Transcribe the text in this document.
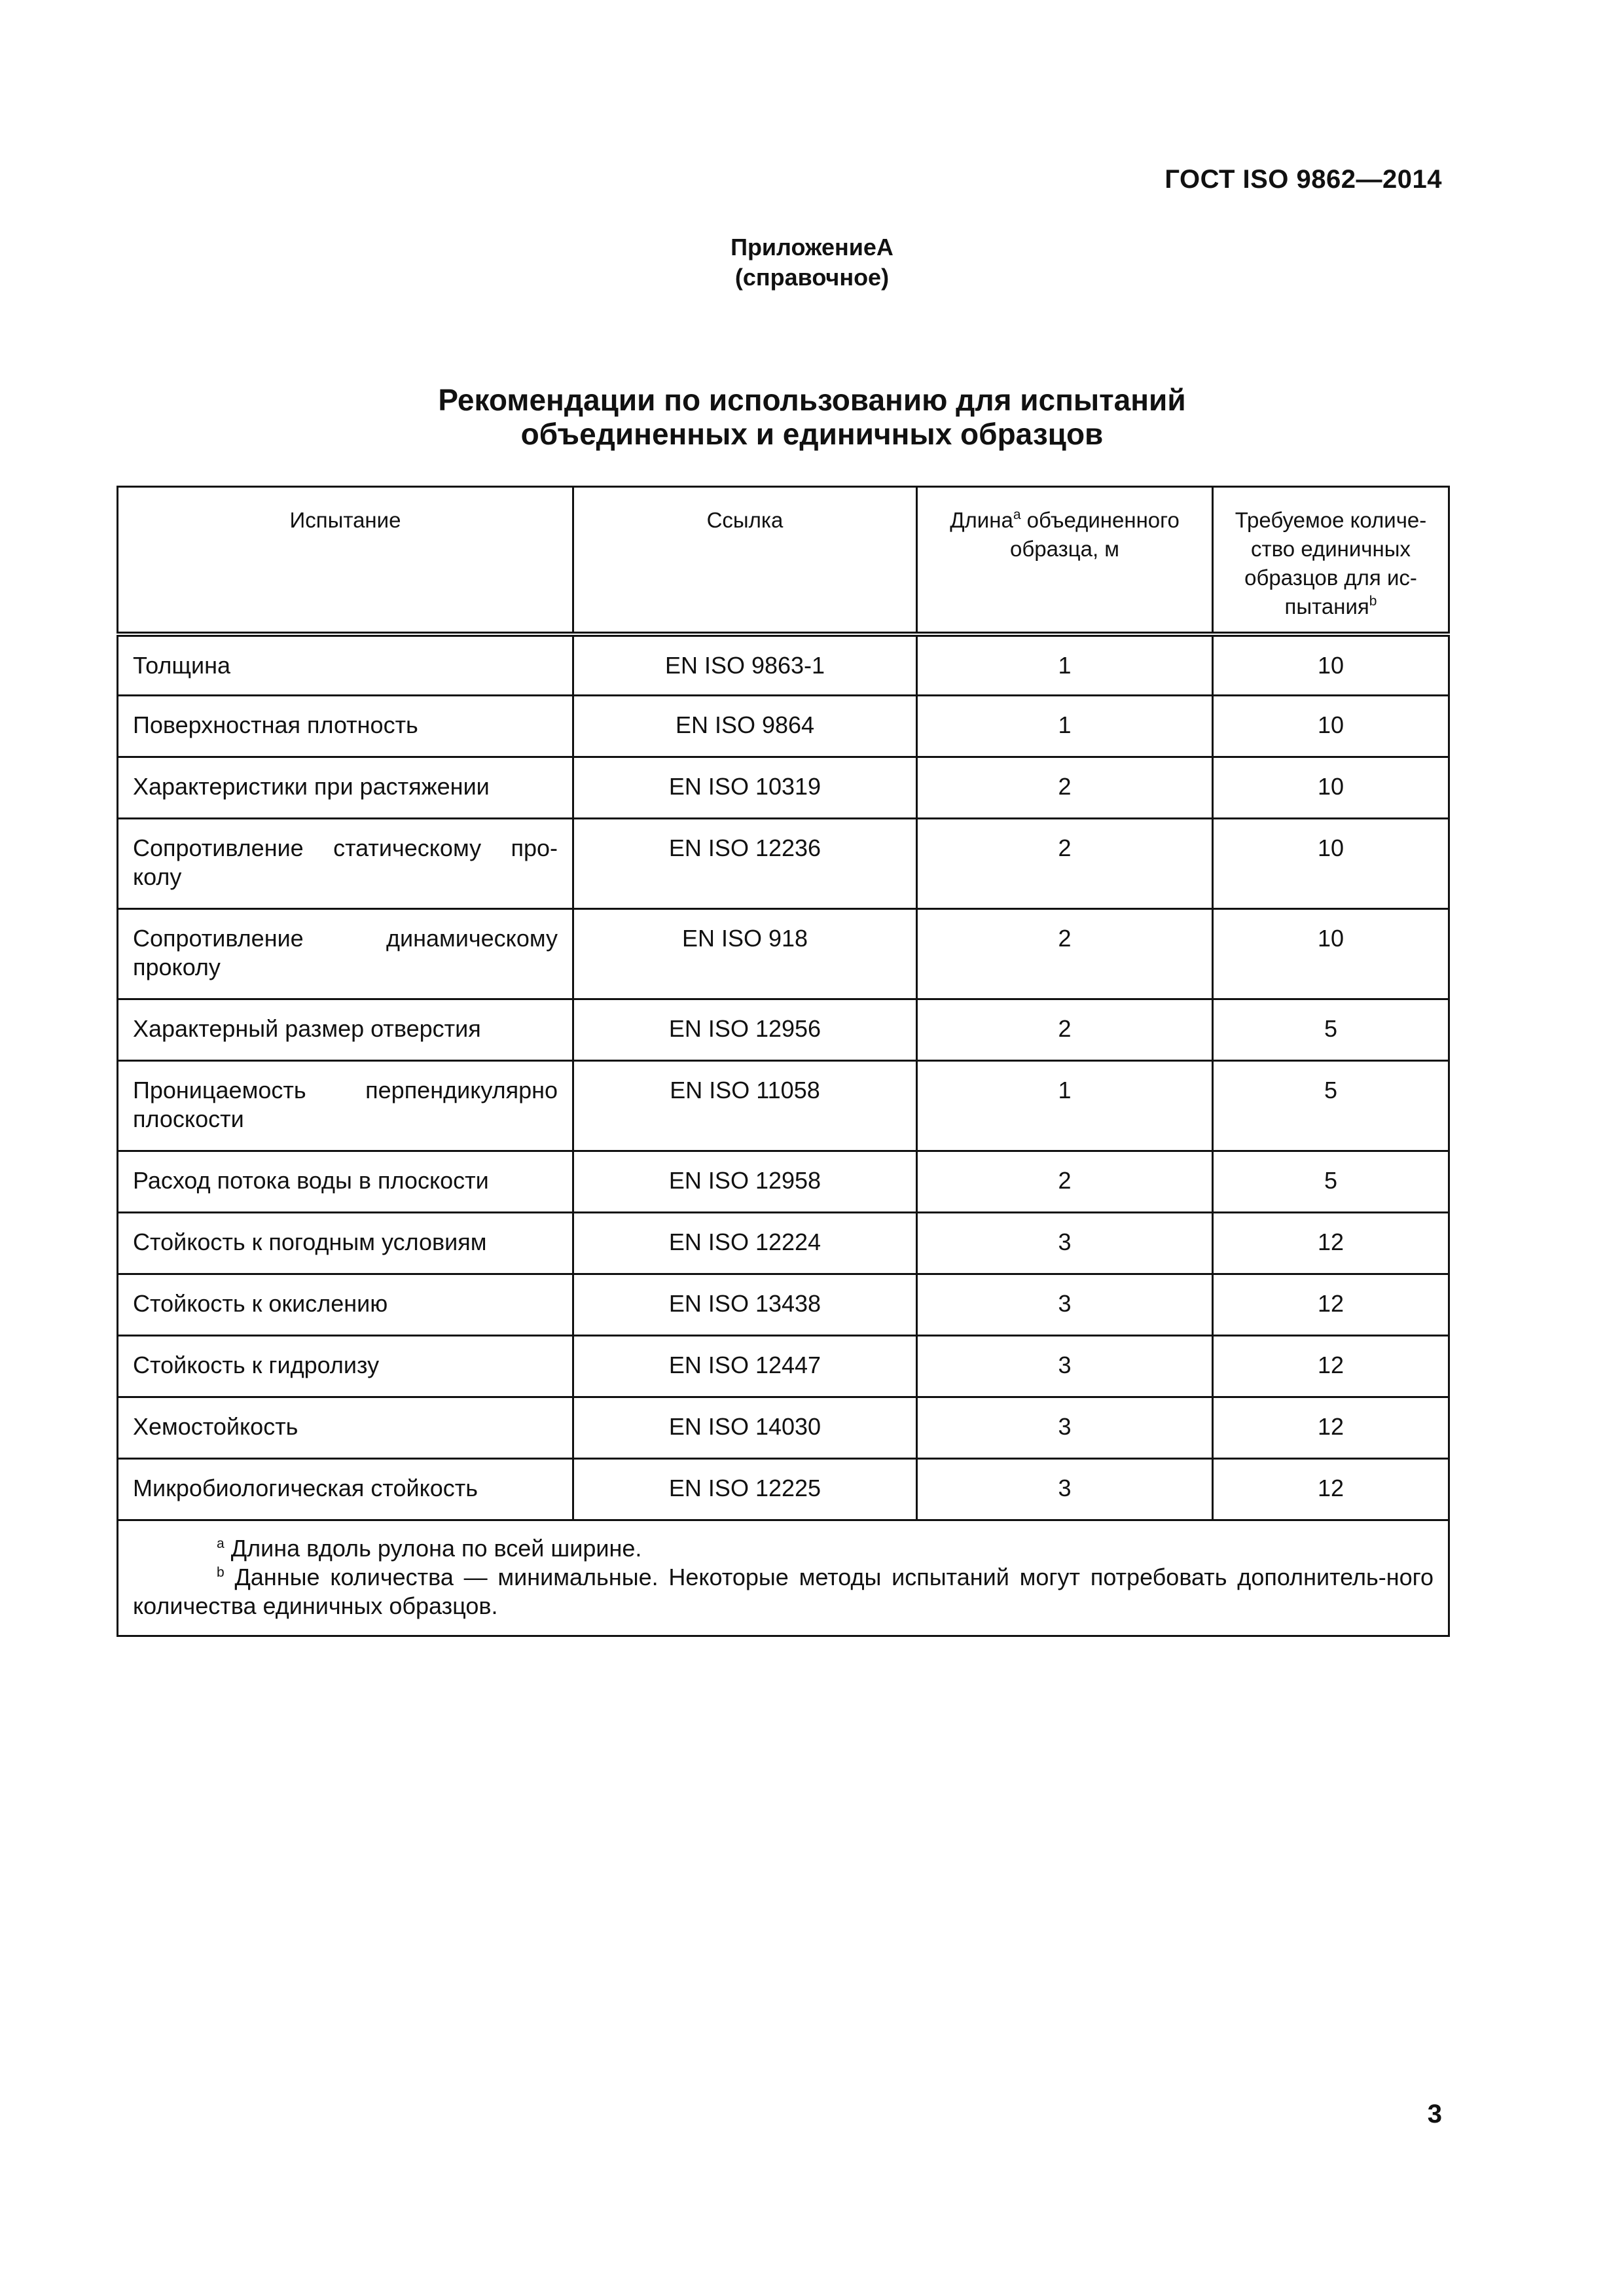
ГОСТ ISO 9862—2014
ПриложениеА
(справочное)
Рекомендации по использованию для испытаний
объединенных и единичных образцов
Испытание	Ссылка	Длина$^a$ объединенного образца, м	Требуемое количе-ство единичных образцов для ис-пытания$^b$

Толщина	EN ISO 9863-1	1	10

Поверхностная плотность	EN ISO 9864	1	10

Характеристики при растяжении	EN ISO 10319	2	10

Сопротивление статическому про-колу	EN ISO 12236	2	10

Сопротивление динамическому проколу	EN ISO 918	2	10

Характерный размер отверстия	EN ISO 12956	2	5

Проницаемость перпендикулярно плоскости	EN ISO 11058	1	5

Расход потока воды в плоскости	EN ISO 12958	2	5

Стойкость к погодным условиям	EN ISO 12224	3	12

Стойкость к окислению	EN ISO 13438	3	12

Стойкость к гидролизу	EN ISO 12447	3	12

Хемостойкость	EN ISO 14030	3	12

Микробиологическая стойкость	EN ISO 12225	3	12

$^a$ Длина вдоль рулона по всей ширине.
$^b$ Данные количества — минимальные. Некоторые методы испытаний могут потребовать дополнитель-ного количества единичных образцов.			
3
